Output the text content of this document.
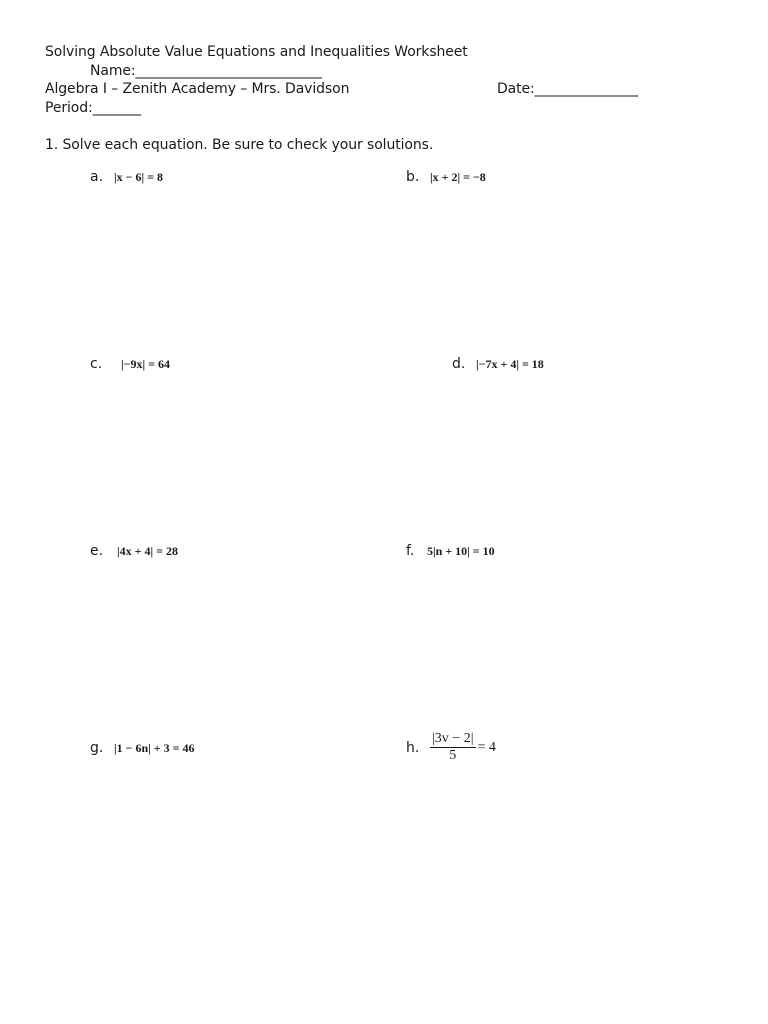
Solving Absolute Value Equations and Inequalities Worksheet
Name:___________________________
Algebra I – Zenith Academy – Mrs. Davidson	Date:_______________
Period:_______
1. Solve each equation. Be sure to check your solutions.
a. |x − 6| = 8	b. |x + 2| = −8
c. |−9x| = 64	d. |−7x + 4| = 18
e. |4x + 4| = 28	f. 5|n + 10| = 10
g. |1 − 6n| + 3 = 46	h. $\frac{|3v - 2|}{5} = 4$
